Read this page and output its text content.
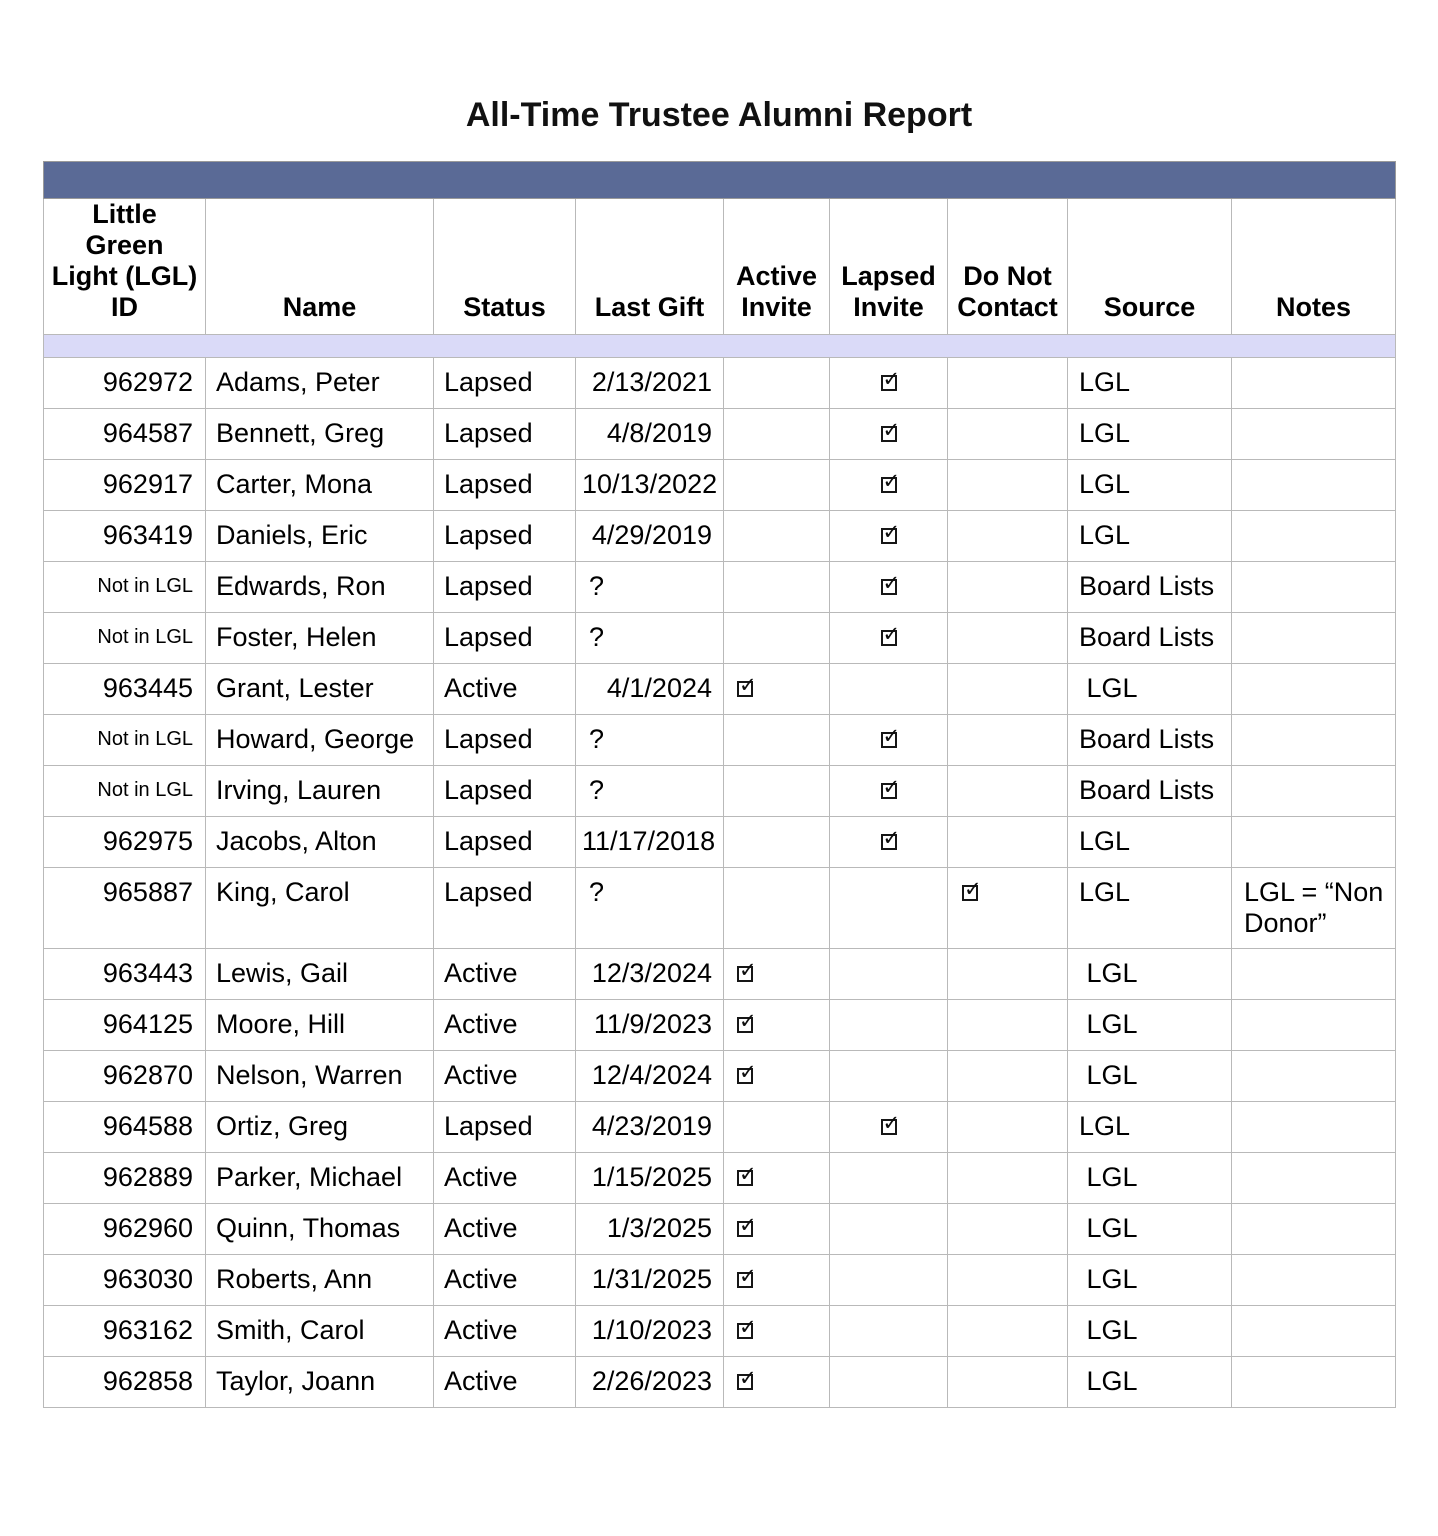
All-Time Trustee Alumni Report

Little Green Light (LGL) ID	Name	Status	Last Gift	Active Invite	Lapsed Invite	Do Not Contact	Source	Notes

962972	Adams, Peter	Lapsed	2/13/2021		✓		LGL	
964587	Bennett, Greg	Lapsed	4/8/2019		✓		LGL	
962917	Carter, Mona	Lapsed	10/13/2022		✓		LGL	
963419	Daniels, Eric	Lapsed	4/29/2019		✓		LGL	
Not in LGL	Edwards, Ron	Lapsed	?		✓		Board Lists	
Not in LGL	Foster, Helen	Lapsed	?		✓		Board Lists	
963445	Grant, Lester	Active	4/1/2024	✓			LGL	
Not in LGL	Howard, George	Lapsed	?		✓		Board Lists	
Not in LGL	Irving, Lauren	Lapsed	?		✓		Board Lists	
962975	Jacobs, Alton	Lapsed	11/17/2018		✓		LGL	
965887	King, Carol	Lapsed	?			✓	LGL	LGL = “Non Donor”
963443	Lewis, Gail	Active	12/3/2024	✓			LGL	
964125	Moore, Hill	Active	11/9/2023	✓			LGL	
962870	Nelson, Warren	Active	12/4/2024	✓			LGL	
964588	Ortiz, Greg	Lapsed	4/23/2019		✓		LGL	
962889	Parker, Michael	Active	1/15/2025	✓			LGL	
962960	Quinn, Thomas	Active	1/3/2025	✓			LGL	
963030	Roberts, Ann	Active	1/31/2025	✓			LGL	
963162	Smith, Carol	Active	1/10/2023	✓			LGL	
962858	Taylor, Joann	Active	2/26/2023	✓			LGL	
